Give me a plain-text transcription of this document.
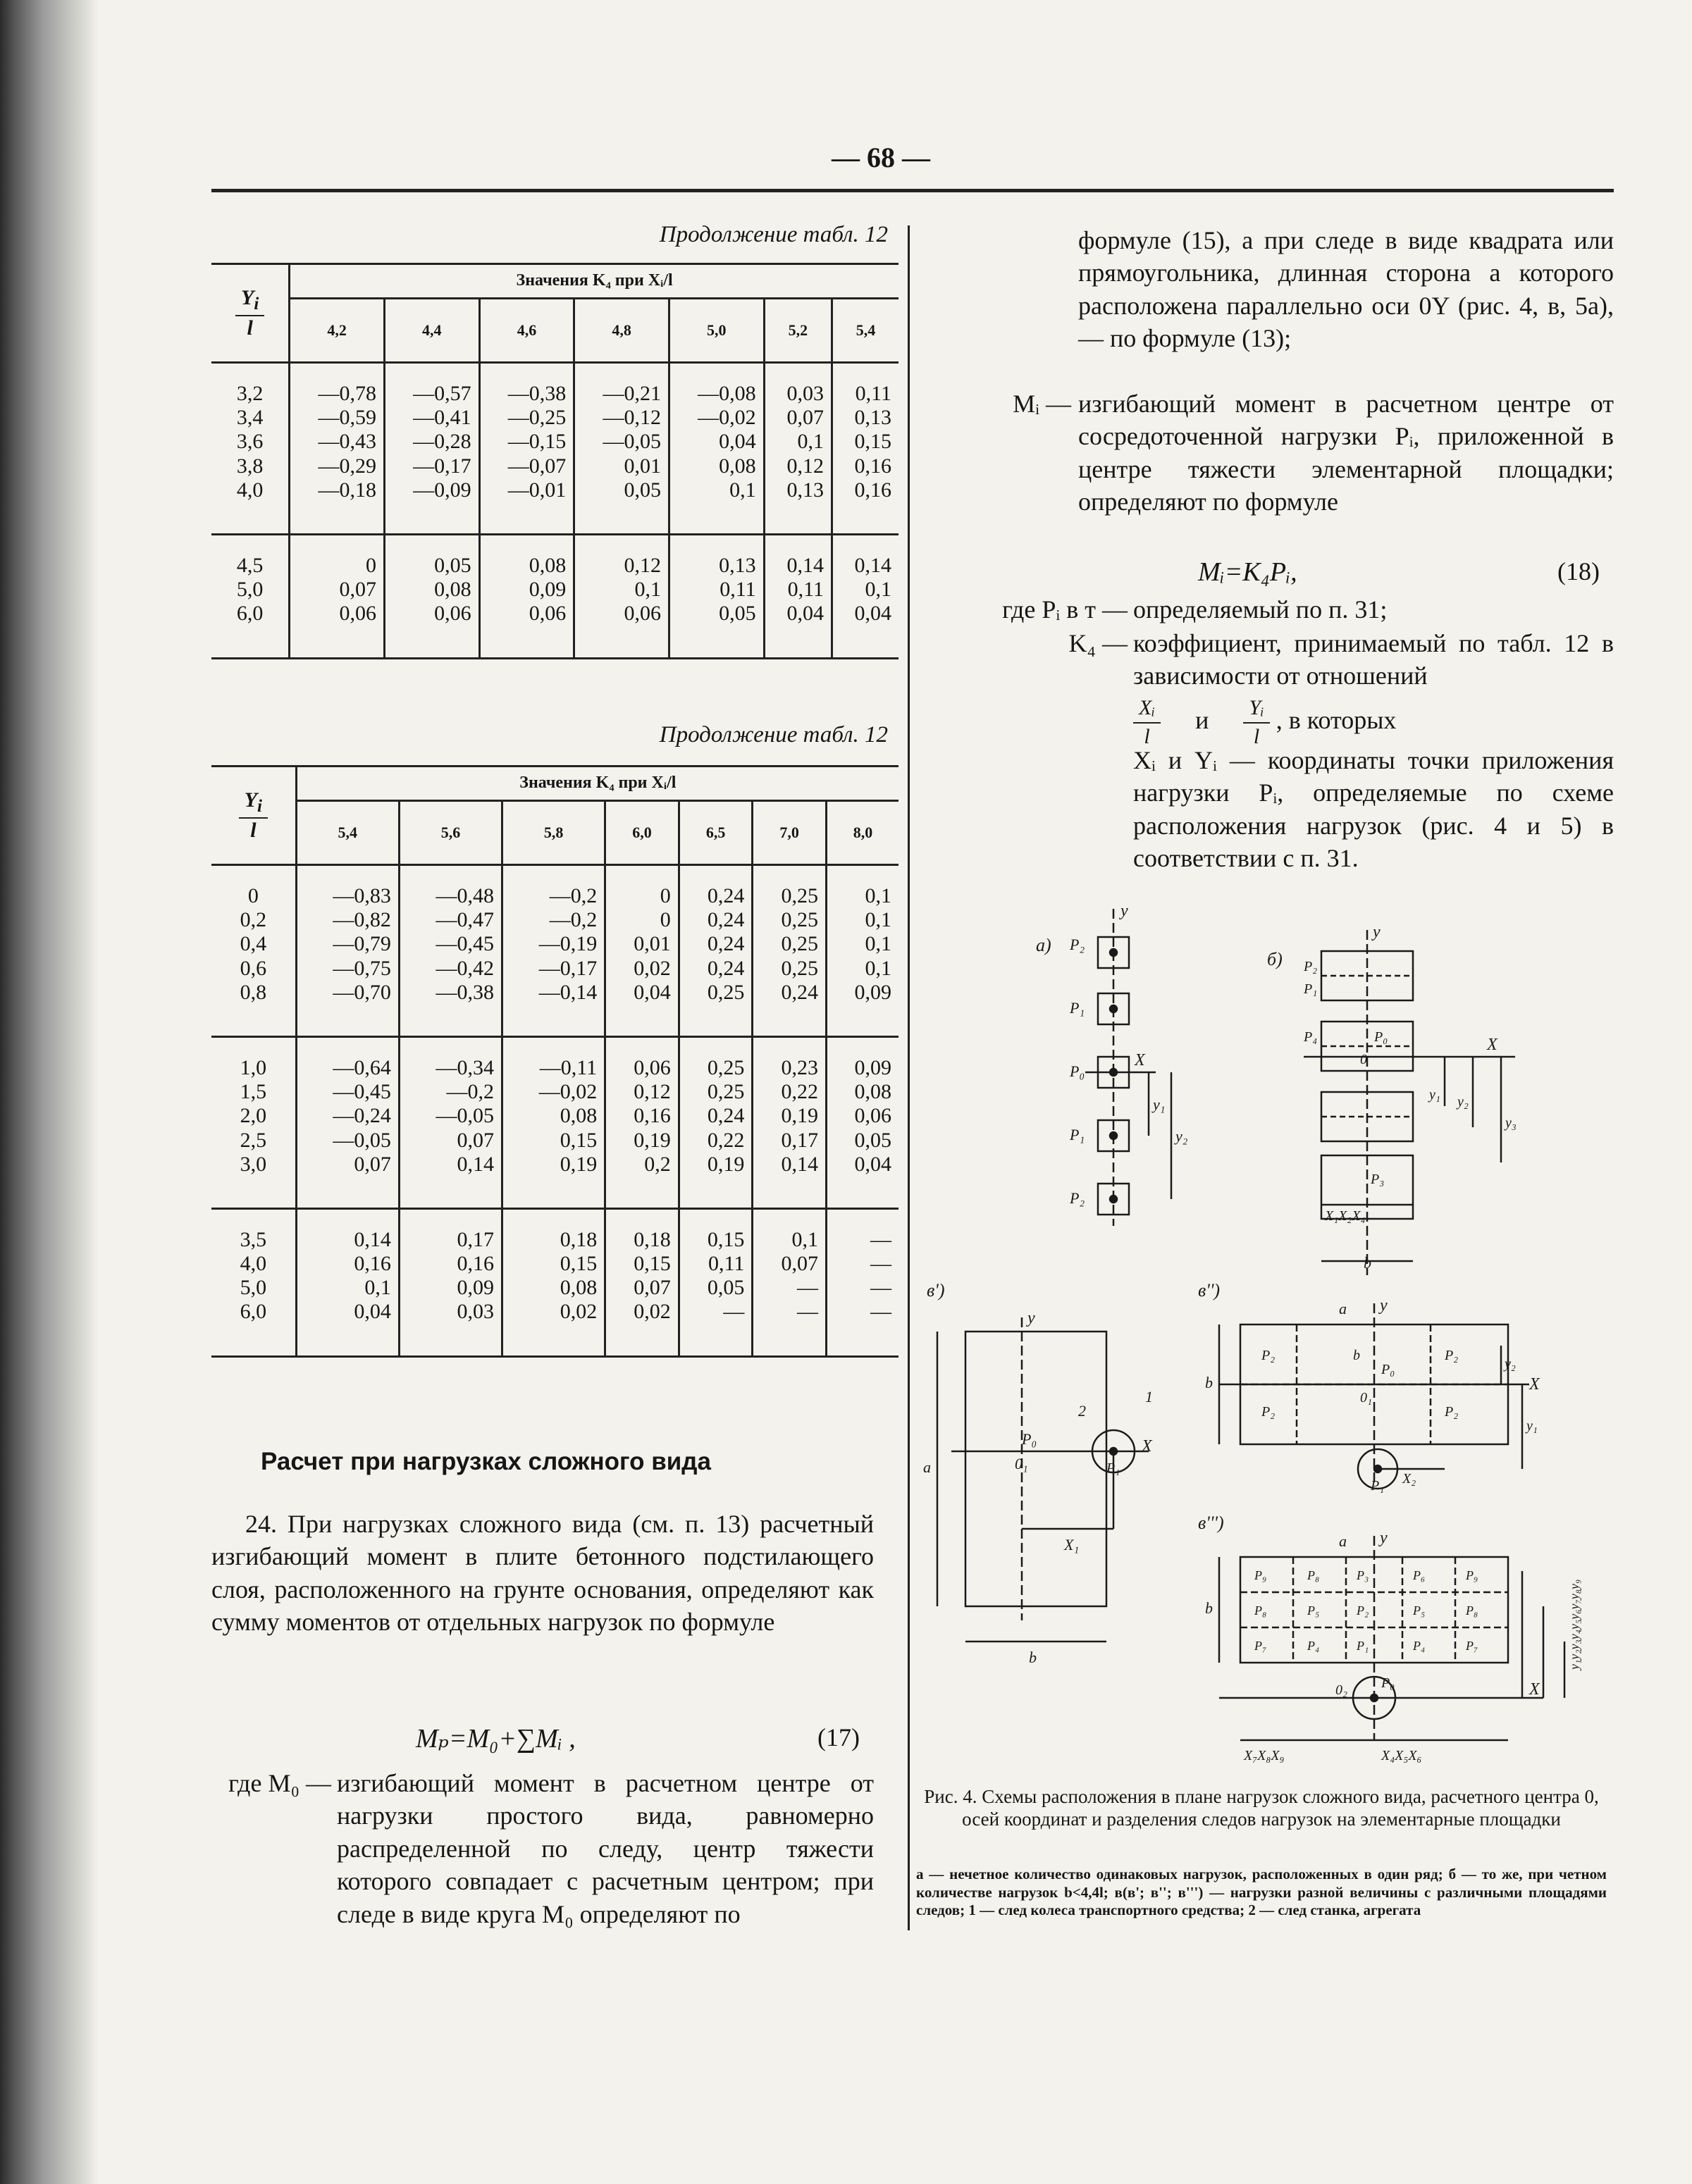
— 68 —
Продолжение табл. 12
$\frac{Y_i}{l}$	Значения K₄ при Xᵢ/l						
	4,2	4,4	4,6	4,8	5,0	5,2	5,4

3,2	—0,78	—0,57	—0,38	—0,21	—0,08	0,03	0,11
3,4	—0,59	—0,41	—0,25	—0,12	—0,02	0,07	0,13
3,6	—0,43	—0,28	—0,15	—0,05	0,04	0,1	0,15
3,8	—0,29	—0,17	—0,07	0,01	0,08	0,12	0,16
4,0	—0,18	—0,09	—0,01	0,05	0,1	0,13	0,16

4,5	0	0,05	0,08	0,12	0,13	0,14	0,14
5,0	0,07	0,08	0,09	0,1	0,11	0,11	0,1
6,0	0,06	0,06	0,06	0,06	0,05	0,04	0,04

Продолжение табл. 12
$\frac{Y_i}{l}$	Значения K₄ при Xᵢ/l						
	5,4	5,6	5,8	6,0	6,5	7,0	8,0

0	—0,83	—0,48	—0,2	0	0,24	0,25	0,1
0,2	—0,82	—0,47	—0,2	0	0,24	0,25	0,1
0,4	—0,79	—0,45	—0,19	0,01	0,24	0,25	0,1
0,6	—0,75	—0,42	—0,17	0,02	0,24	0,25	0,1
0,8	—0,70	—0,38	—0,14	0,04	0,25	0,24	0,09

1,0	—0,64	—0,34	—0,11	0,06	0,25	0,23	0,09
1,5	—0,45	—0,2	—0,02	0,12	0,25	0,22	0,08
2,0	—0,24	—0,05	0,08	0,16	0,24	0,19	0,06
2,5	—0,05	0,07	0,15	0,19	0,22	0,17	0,05
3,0	0,07	0,14	0,19	0,2	0,19	0,14	0,04

3,5	0,14	0,17	0,18	0,18	0,15	0,1	—
4,0	0,16	0,16	0,15	0,15	0,11	0,07	—
5,0	0,1	0,09	0,08	0,07	0,05	—	—
6,0	0,04	0,03	0,02	0,02	—	—	—

Расчет при нагрузках сложного вида
24. При нагрузках сложного вида (см. п. 13) расчетный изгибающий момент в плите бетонного подстилающего слоя, расположенного на грунте основания, определяют как сумму моментов от отдельных нагрузок по формуле
Mₚ=M₀+∑Mᵢ ,	(17)
где M₀ — изгибающий момент в расчетном центре от нагрузки простого вида, равномерно распределенной по следу, центр тяжести которого совпадает с расчетным центром; при следе в виде круга M₀ определяют по
формуле (15), а при следе в виде квадрата или прямоугольника, длинная сторона a которого расположена параллельно оси 0Y (рис. 4, в, 5а),— по формуле (13);
Mᵢ — изгибающий момент в расчетном центре от сосредоточенной нагрузки Pᵢ, приложенной в центре тяжести элементарной площадки; определяют по формуле
Mᵢ=K₄Pᵢ,	(18)
где Pᵢ в т — определяемый по п. 31;
K₄ — коэффициент, принимаемый по табл. 12 в зависимости от отношений
$\frac{\text{Xᵢ}}{l}$ и $\frac{\text{Yᵢ}}{l}$ , в которых
Xᵢ и Yᵢ — координаты точки приложения нагрузки Pᵢ, определяемые по схеме расположения нагрузок (рис. 4 и 5) в соответствии с п. 31.
а)
y
P₂
P₁
P₀
P₁
P₂
X
y₁
y₂
б)
y
P₂
P₁
P₄
0
P₀
P₃
X
y₁ y₂
y₃
X₁X₂X₄
b
в')
y
X
0₁
P₀
P₁
2
1
X₁
b
a
в'')
y
a
P₂	P₂
P₂	P₂
P₀
0₁
b
X
b
P₁ X₂
y₂
y₁
в''')
y
a
P₉	P₈	P₃	P₆	P₉
P₈	P₅	P₂	P₅	P₈
P₇	P₄	P₁	P₄	P₇
X
0₂ P₀
b
X₇X₈X₉	X₄X₅X₆
y₁y₂y₃y₄y₅y₆y₇y₈y₉
Рис. 4. Схемы расположения в плане нагрузок сложного вида, расчетного центра 0, осей координат и разделения следов нагрузок на элементарные площадки
а — нечетное количество одинаковых нагрузок, расположенных в один ряд; б — то же, при четном количестве нагрузок b<4,4l; в(в'; в''; в''') — нагрузки разной величины с различными площадями следов; 1 — след колеса транспортного средства; 2 — след станка, агрегата
